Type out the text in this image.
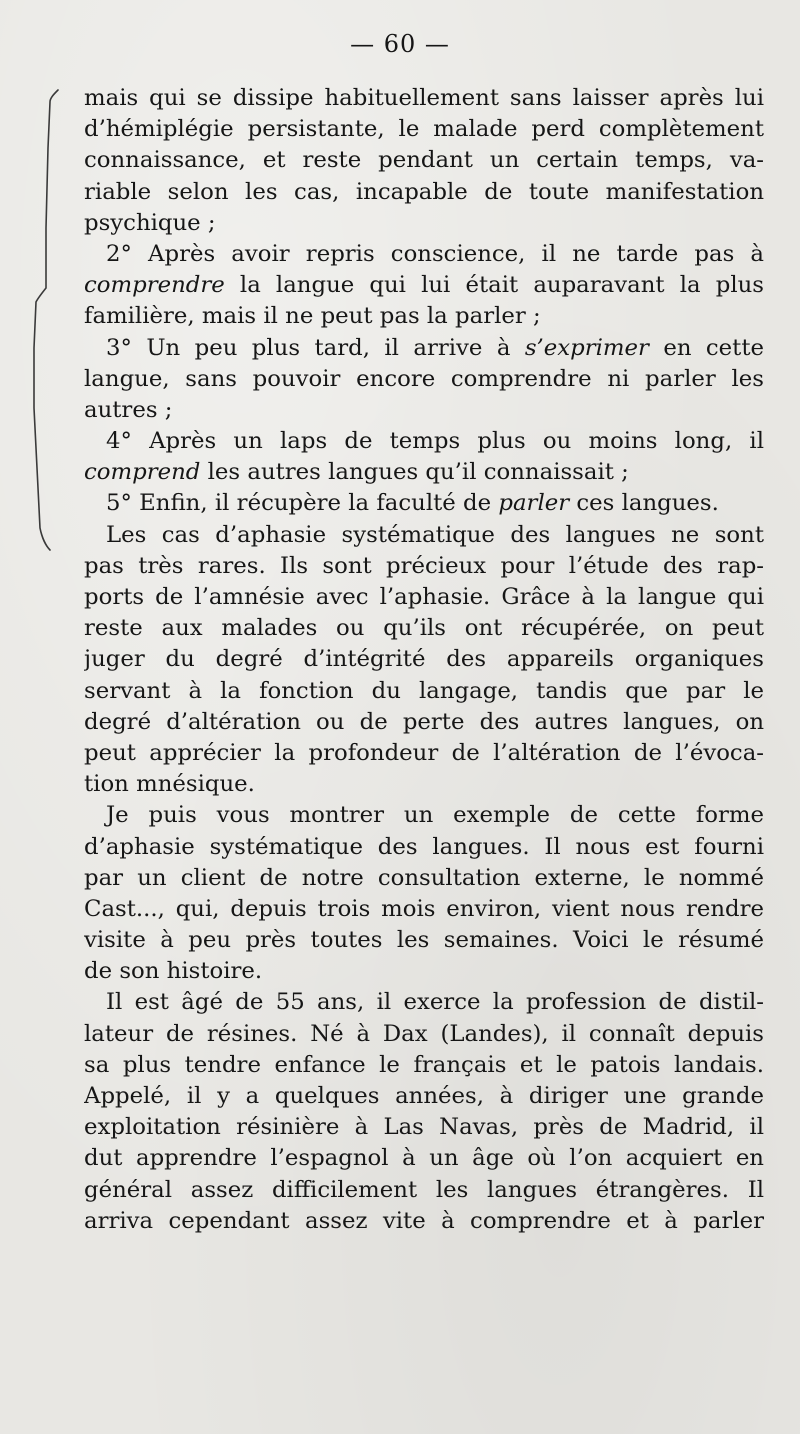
— 60 —
mais qui se dissipe habituellement sans laisser après lui
d’hémiplégie persistante, le malade perd complètement
connaissance, et reste pendant un certain temps, va-
riable selon les cas, incapable de toute manifestation
psychique ;
2° Après avoir repris conscience, il ne tarde pas à
comprendre la langue qui lui était auparavant la plus
familière, mais il ne peut pas la parler ;
3° Un peu plus tard, il arrive à s’exprimer en cette
langue, sans pouvoir encore comprendre ni parler les
autres ;
4° Après un laps de temps plus ou moins long, il
comprend les autres langues qu’il connaissait ;
5° Enfin, il récupère la faculté de parler ces langues.
Les cas d’aphasie systématique des langues ne sont
pas très rares. Ils sont précieux pour l’étude des rap-
ports de l’amnésie avec l’aphasie. Grâce à la langue qui
reste aux malades ou qu’ils ont récupérée, on peut
juger du degré d’intégrité des appareils organiques
servant à la fonction du langage, tandis que par le
degré d’altération ou de perte des autres langues, on
peut apprécier la profondeur de l’altération de l’évoca-
tion mnésique.
Je puis vous montrer un exemple de cette forme
d’aphasie systématique des langues. Il nous est fourni
par un client de notre consultation externe, le nommé
Cast..., qui, depuis trois mois environ, vient nous rendre
visite à peu près toutes les semaines. Voici le résumé
de son histoire.
Il est âgé de 55 ans, il exerce la profession de distil-
lateur de résines. Né à Dax (Landes), il connaît depuis
sa plus tendre enfance le français et le patois landais.
Appelé, il y a quelques années, à diriger une grande
exploitation résinière à Las Navas, près de Madrid, il
dut apprendre l’espagnol à un âge où l’on acquiert en
général assez difficilement les langues étrangères. Il
arriva cependant assez vite à comprendre et à parler
